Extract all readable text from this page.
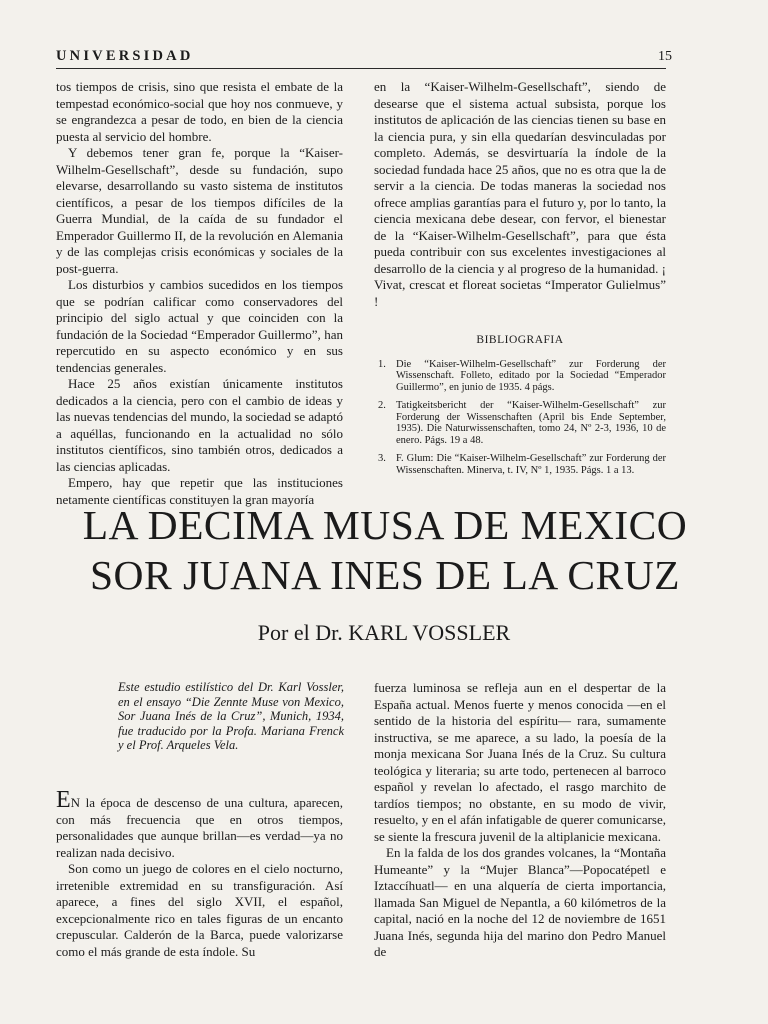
UNIVERSIDAD	15

tos tiempos de crisis, sino que resista el embate de la tempestad económico-social que hoy nos conmueve, y se engrandezca a pesar de todo, en bien de la ciencia puesta al servicio del hombre.

Y debemos tener gran fe, porque la “Kaiser-Wilhelm-Gesellschaft”, desde su fundación, supo elevarse, desarrollando su vasto sistema de institutos científicos, a pesar de los tiempos difíciles de la Guerra Mundial, de la caída de su fundador el Emperador Guillermo II, de la revolución en Alemania y de las complejas crisis económicas y sociales de la post-guerra.

Los disturbios y cambios sucedidos en los tiempos que se podrían calificar como conservadores del principio del siglo actual y que coinciden con la fundación de la Sociedad “Emperador Guillermo”, han repercutido en su aspecto económico y en sus tendencias generales.

Hace 25 años existían únicamente institutos dedicados a la ciencia, pero con el cambio de ideas y las nuevas tendencias del mundo, la sociedad se adaptó a aquéllas, funcionando en la actualidad no sólo institutos científicos, sino también otros, dedicados a las ciencias aplicadas.

Empero, hay que repetir que las instituciones netamente científicas constituyen la gran mayoría

en la “Kaiser-Wilhelm-Gesellschaft”, siendo de desearse que el sistema actual subsista, porque los institutos de aplicación de las ciencias tienen su base en la ciencia pura, y sin ella quedarían desvinculadas por completo. Además, se desvirtuaría la índole de la sociedad fundada hace 25 años, que no es otra que la de servir a la ciencia. De todas maneras la sociedad nos ofrece amplias garantías para el futuro y, por lo tanto, la ciencia mexicana debe desear, con fervor, el bienestar de la “Kaiser-Wilhelm-Gesellschaft”, para que ésta pueda contribuir con sus excelentes investigaciones al desarrollo de la ciencia y al progreso de la humanidad. ¡ Vivat, crescat et floreat societas “Imperator Gulielmus” !

BIBLIOGRAFIA
1. Die “Kaiser-Wilhelm-Gesellschaft” zur Forderung der Wissenschaft. Folleto, editado por la Sociedad “Emperador Guillermo”, en junio de 1935. 4 págs.
2. Tatigkeitsbericht der “Kaiser-Wilhelm-Gesellschaft” zur Forderung der Wissenschaften (April bis Ende September, 1935). Die Naturwissenschaften, tomo 24, Nº 2-3, 1936, 10 de enero. Págs. 19 a 48.
3. F. Glum: Die “Kaiser-Wilhelm-Gesellschaft” zur Forderung der Wissenschaften. Minerva, t. IV, Nº 1, 1935. Págs. 1 a 13.
LA DECIMA MUSA DE MEXICO
SOR JUANA INES DE LA CRUZ
Por el Dr. KARL VOSSLER
Este estudio estilístico del Dr. Karl Vossler, en el ensayo “Die Zennte Muse von Mexico, Sor Juana Inés de la Cruz”, Munich, 1934, fue traducido por la Profa. Mariana Frenck y el Prof. Arqueles Vela.

EN la época de descenso de una cultura, aparecen, con más frecuencia que en otros tiempos, personalidades que aunque brillan—es verdad—ya no realizan nada decisivo.

Son como un juego de colores en el cielo nocturno, irretenible extremidad en su transfiguración. Así aparece, a fines del siglo XVII, el español, excepcionalmente rico en tales figuras de un encanto crepuscular. Calderón de la Barca, puede valorizarse como el más grande de esta índole. Su

fuerza luminosa se refleja aun en el despertar de la España actual. Menos fuerte y menos conocida —en el sentido de la historia del espíritu— rara, sumamente instructiva, se me aparece, a su lado, la poesía de la monja mexicana Sor Juana Inés de la Cruz. Su cultura teológica y literaria; su arte todo, pertenecen al barroco español y revelan lo afectado, el rasgo marchito de tardíos tiempos; no obstante, en su modo de vivir, resuelto, y en el afán infatigable de querer comunicarse, se siente la frescura juvenil de la altiplanicie mexicana.

En la falda de los dos grandes volcanes, la “Montaña Humeante” y la “Mujer Blanca”—Popocatépetl e Iztaccíhuatl— en una alquería de cierta importancia, llamada San Miguel de Nepantla, a 60 kilómetros de la capital, nació en la noche del 12 de noviembre de 1651 Juana Inés, segunda hija del marino don Pedro Manuel de
